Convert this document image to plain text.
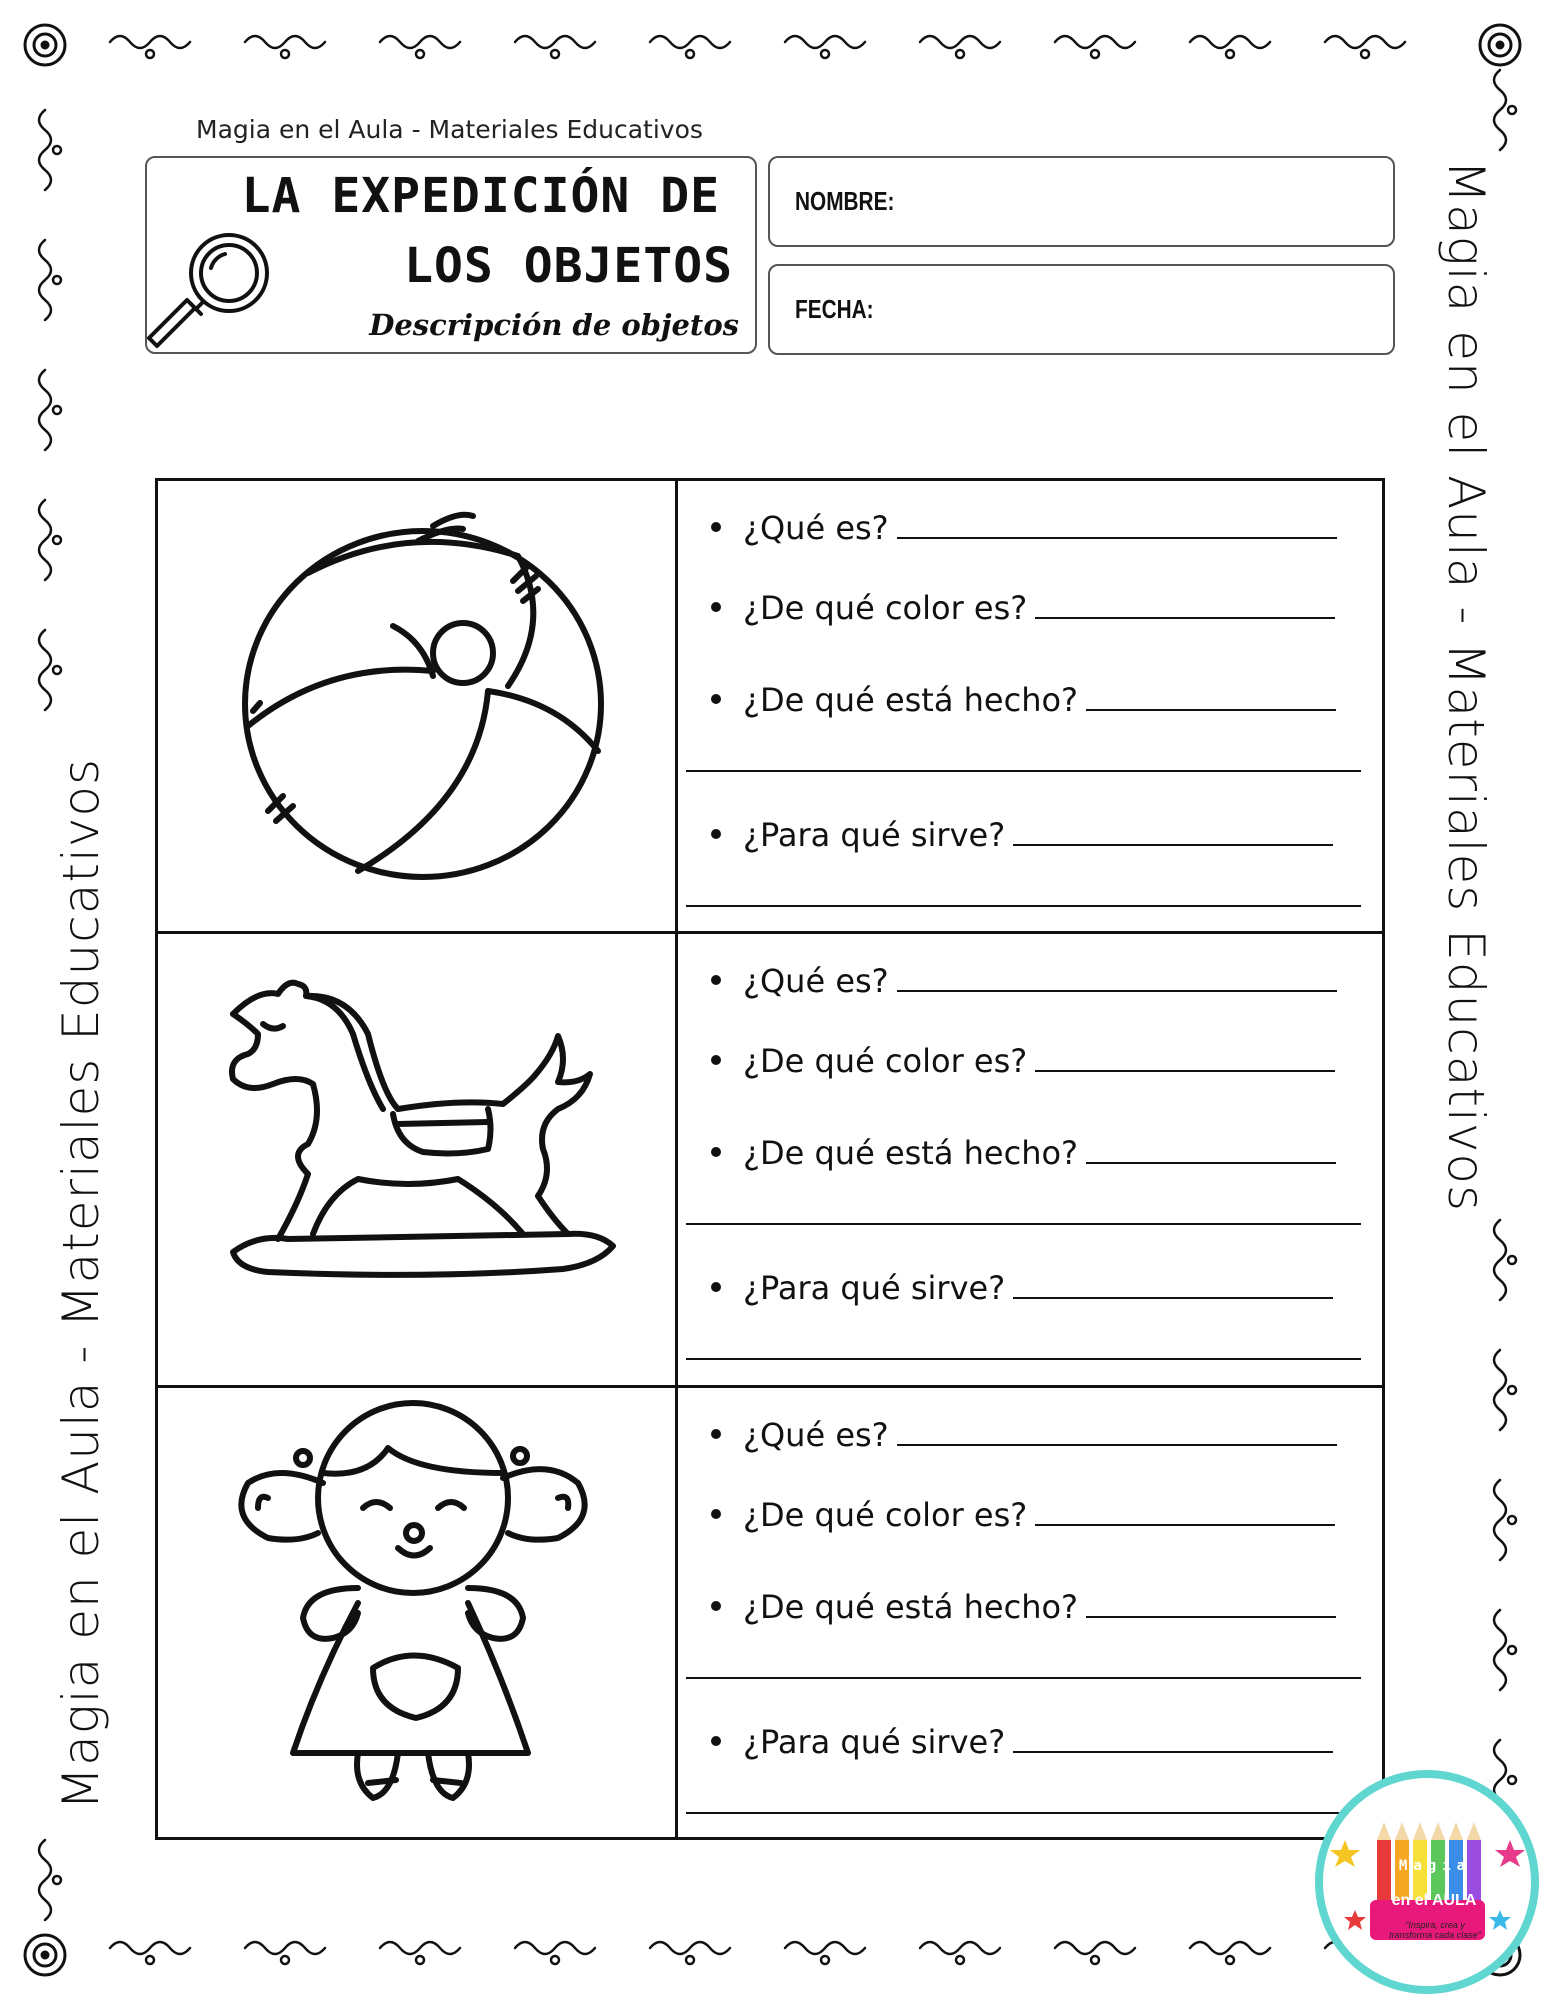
Magia en el Aula - Materiales Educativos
Magia en el Aula - Materiales Educativos
Magia en el Aula - Materiales Educativos
LA EXPEDICIÓN DE
LOS OBJETOS
Descripción de objetos
NOMBRE:
FECHA:
¿Qué es?
¿De qué color es?
¿De qué está hecho?
¿Para qué sirve?
¿Qué es?
¿De qué color es?
¿De qué está hecho?
¿Para qué sirve?
¿Qué es?
¿De qué color es?
¿De qué está hecho?
¿Para qué sirve?
Magia
en el AULA
"Inspira, crea y transforma cada clase"
